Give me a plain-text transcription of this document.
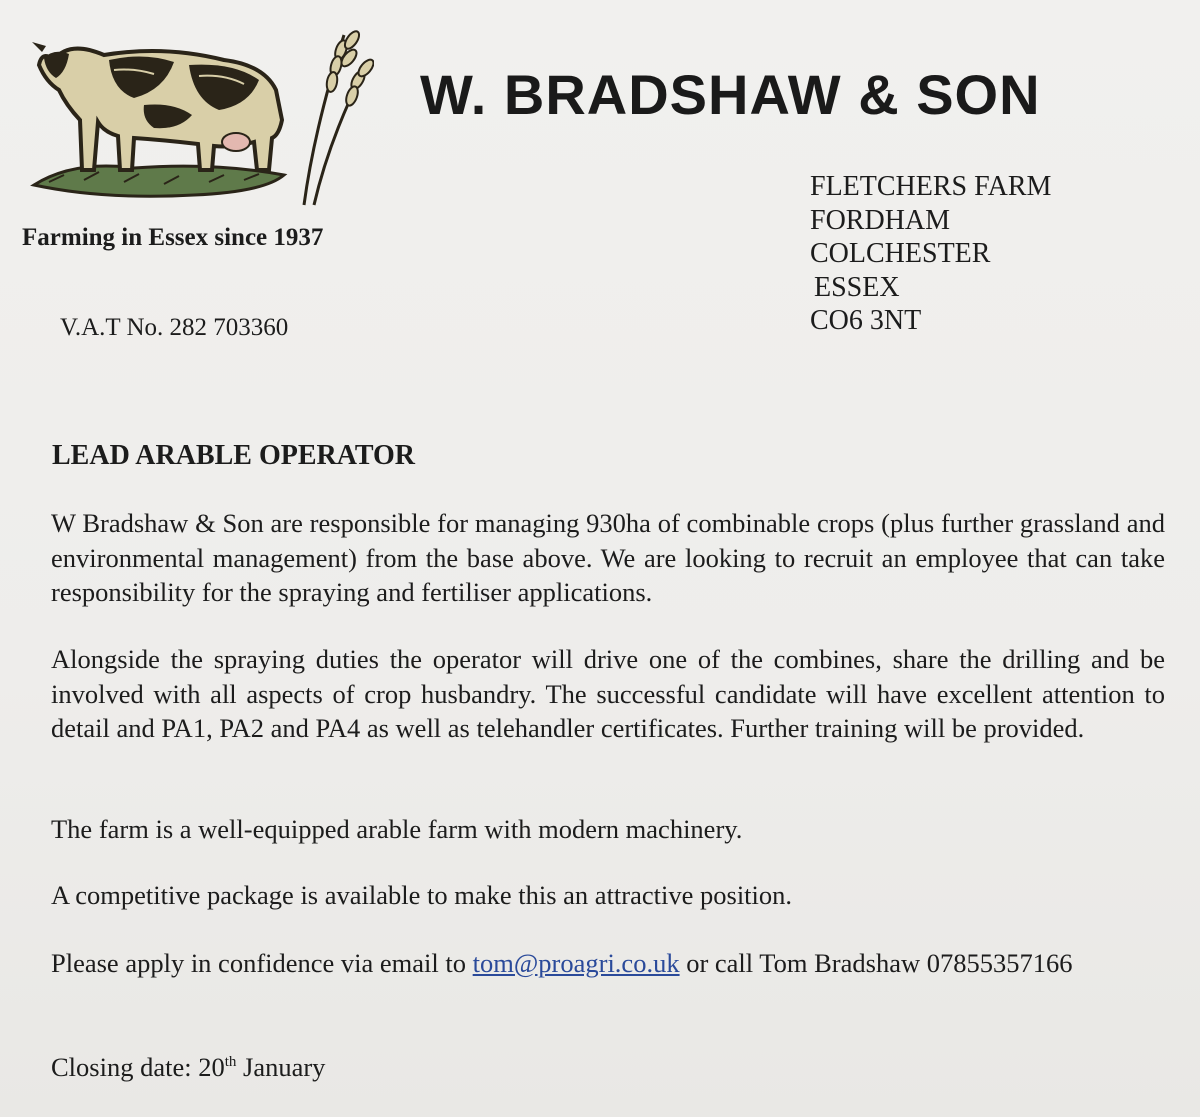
W. BRADSHAW & SON
Farming in Essex since 1937
FLETCHERS FARM
FORDHAM
COLCHESTER
ESSEX
CO6 3NT
V.A.T No. 282 703360
LEAD ARABLE OPERATOR
W Bradshaw & Son are responsible for managing 930ha of combinable crops (plus further grassland and environmental management) from the base above. We are looking to recruit an employee that can take responsibility for the spraying and fertiliser applications.
Alongside the spraying duties the operator will drive one of the combines, share the drilling and be involved with all aspects of crop husbandry. The successful candidate will have excellent attention to detail and PA1, PA2 and PA4 as well as telehandler certificates. Further training will be provided.
The farm is a well-equipped arable farm with modern machinery.
A competitive package is available to make this an attractive position.
Please apply in confidence via email to tom@proagri.co.uk or call Tom Bradshaw 07855357166
Closing date: 20th January
